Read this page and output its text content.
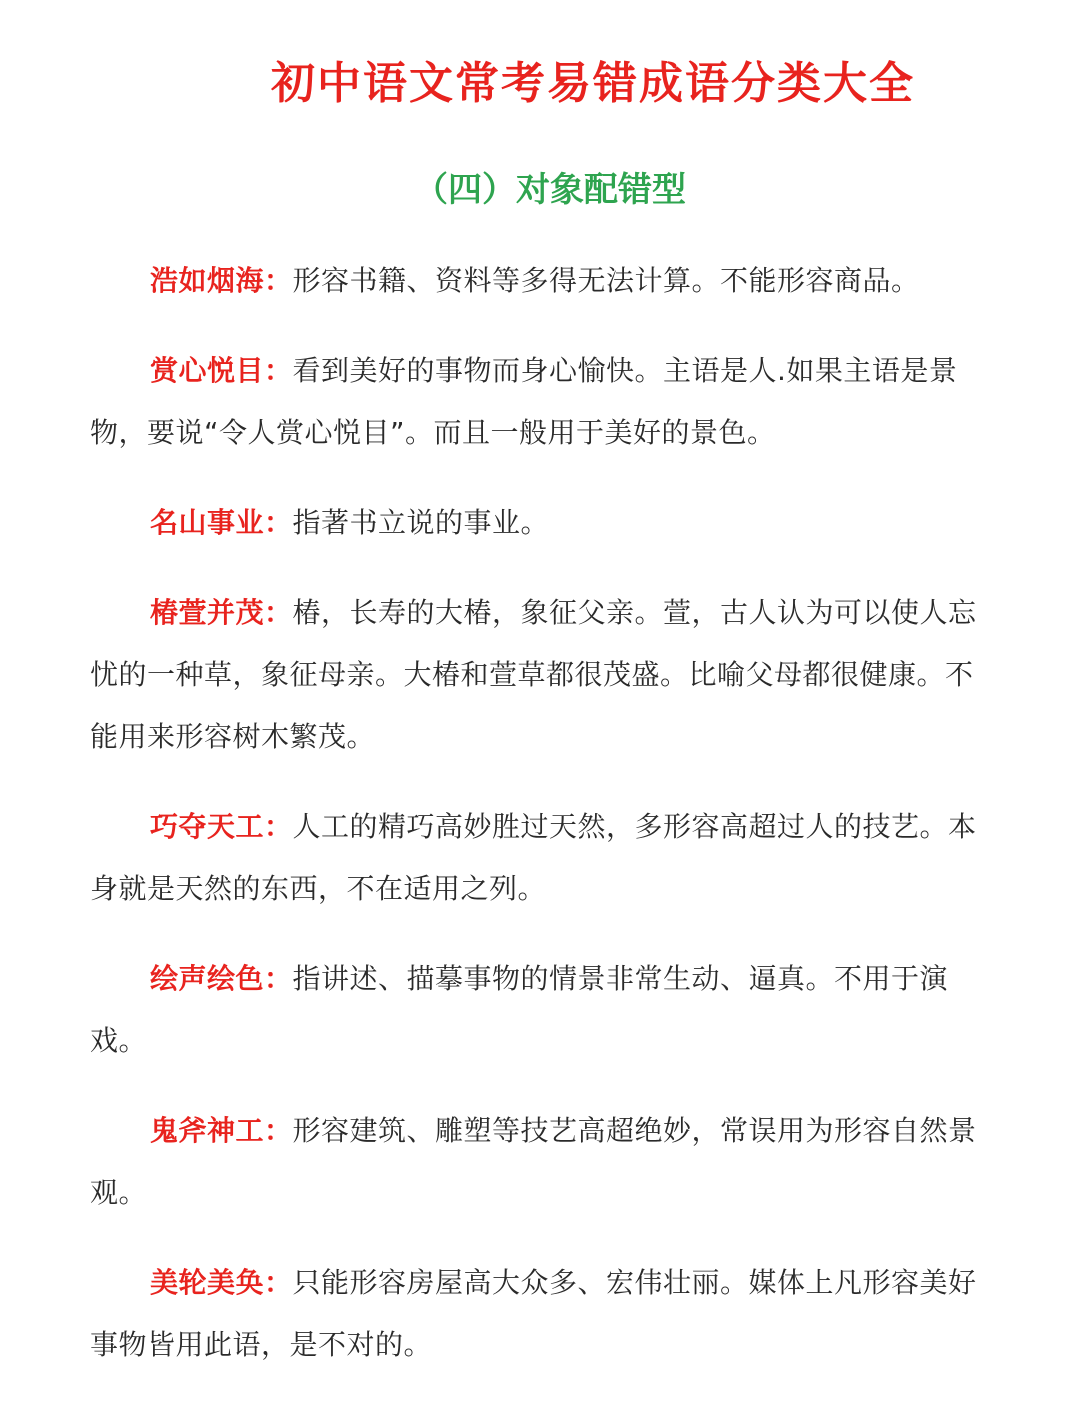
初中语文常考易错成语分类大全
（四）对象配错型

浩如烟海：形容书籍、资料等多得无法计算。不能形容商品。

赏心悦目：看到美好的事物而身心愉快。主语是人.如果主语是景物，要说“令人赏心悦目”。而且一般用于美好的景色。

名山事业：指著书立说的事业。

椿萱并茂：椿，长寿的大椿，象征父亲。萱，古人认为可以使人忘忧的一种草，象征母亲。大椿和萱草都很茂盛。比喻父母都很健康。不能用来形容树木繁茂。

巧夺天工：人工的精巧高妙胜过天然，多形容高超过人的技艺。本身就是天然的东西，不在适用之列。

绘声绘色：指讲述、描摹事物的情景非常生动、逼真。不用于演戏。

鬼斧神工：形容建筑、雕塑等技艺高超绝妙，常误用为形容自然景观。

美轮美奂：只能形容房屋高大众多、宏伟壮丽。媒体上凡形容美好事物皆用此语，是不对的。
